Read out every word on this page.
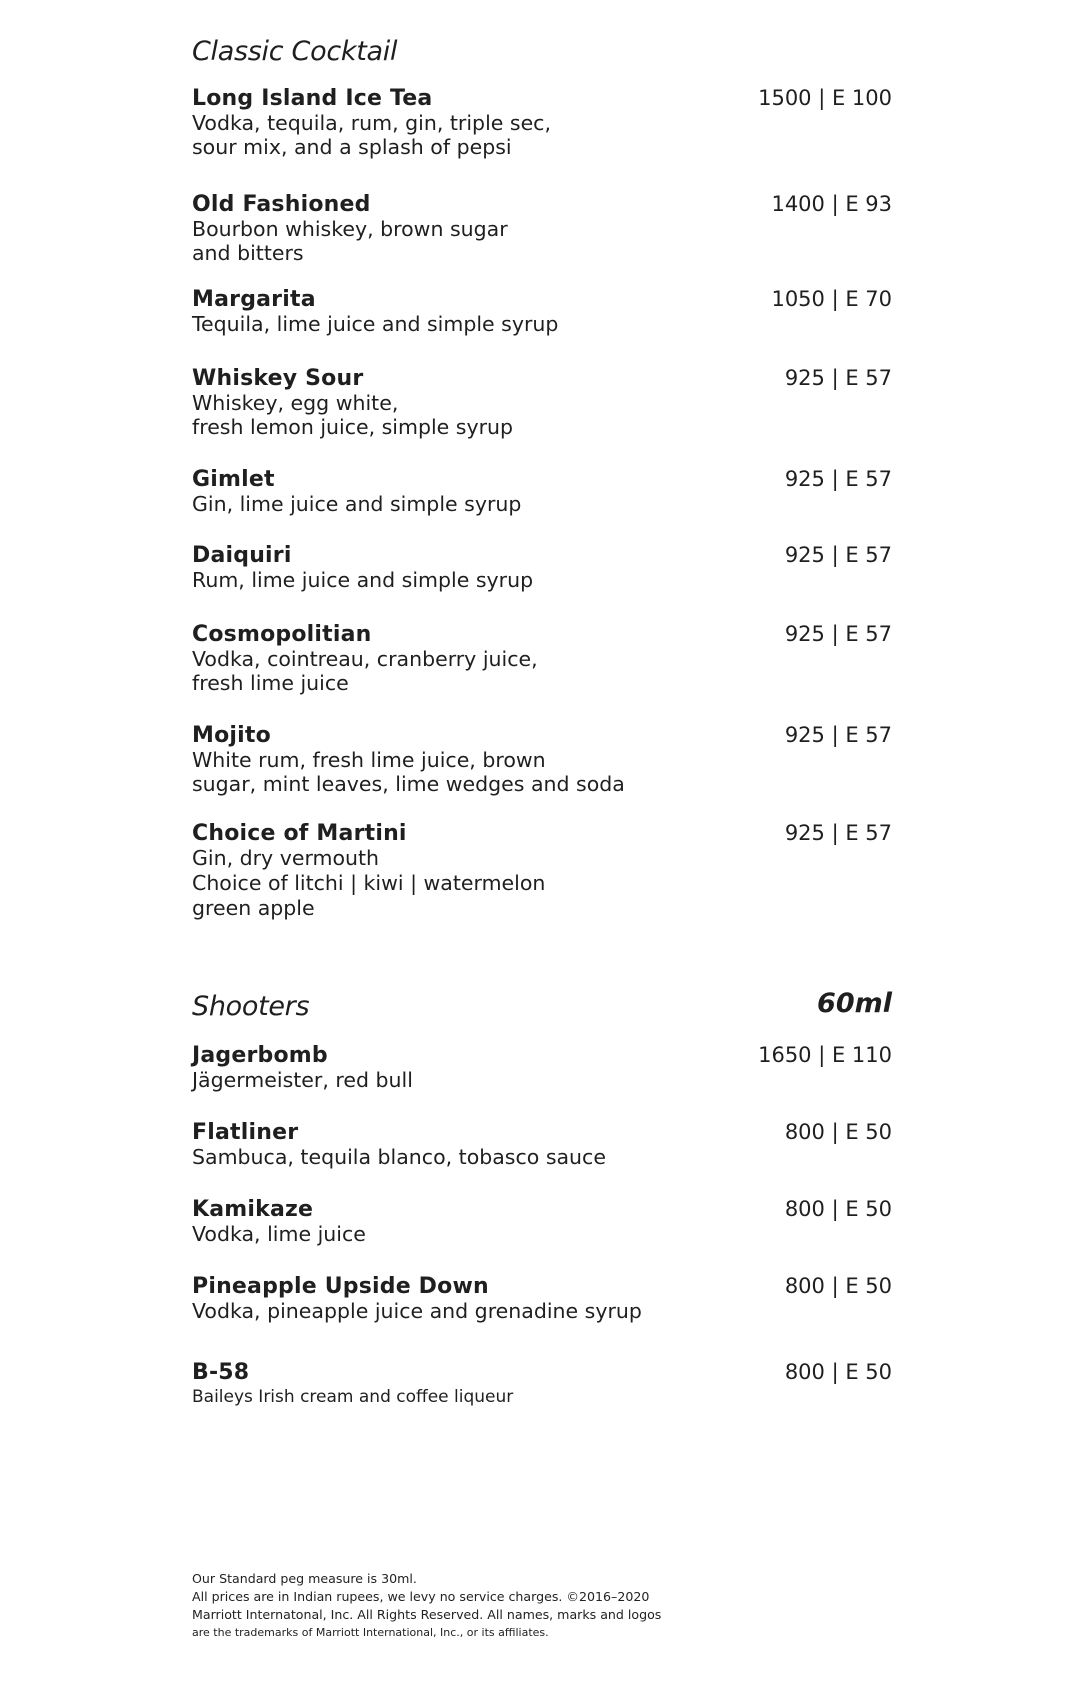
Classic Cocktail
Long Island Ice Tea
Vodka, tequila, rum, gin, triple sec,
sour mix, and a splash of pepsi
1500 | E 100
Old Fashioned
Bourbon whiskey, brown sugar
and bitters
1400 | E 93
Margarita
Tequila, lime juice and simple syrup
1050 | E 70
Whiskey Sour
Whiskey, egg white,
fresh lemon juice, simple syrup
925 | E 57
Gimlet
Gin, lime juice and simple syrup
925 | E 57
Daiquiri
Rum, lime juice and simple syrup
925 | E 57
Cosmopolitian
Vodka, cointreau, cranberry juice,
fresh lime juice
925 | E 57
Mojito
White rum, fresh lime juice, brown
sugar, mint leaves, lime wedges and soda
925 | E 57
Choice of Martini
Gin, dry vermouth
Choice of litchi | kiwi | watermelon
green apple
925 | E 57
Shooters	60ml
Jagerbomb
Jägermeister, red bull
1650 | E 110
Flatliner
Sambuca, tequila blanco, tobasco sauce
800 | E 50
Kamikaze
Vodka, lime juice
800 | E 50
Pineapple Upside Down
Vodka, pineapple juice and grenadine syrup
800 | E 50
B-58
Baileys Irish cream and coffee liqueur
800 | E 50
Our Standard peg measure is 30ml.
All prices are in Indian rupees, we levy no service charges. ©2016–2020
Marriott Internatonal, Inc. All Rights Reserved. All names, marks and logos
are the trademarks of Marriott International, Inc., or its affiliates.
